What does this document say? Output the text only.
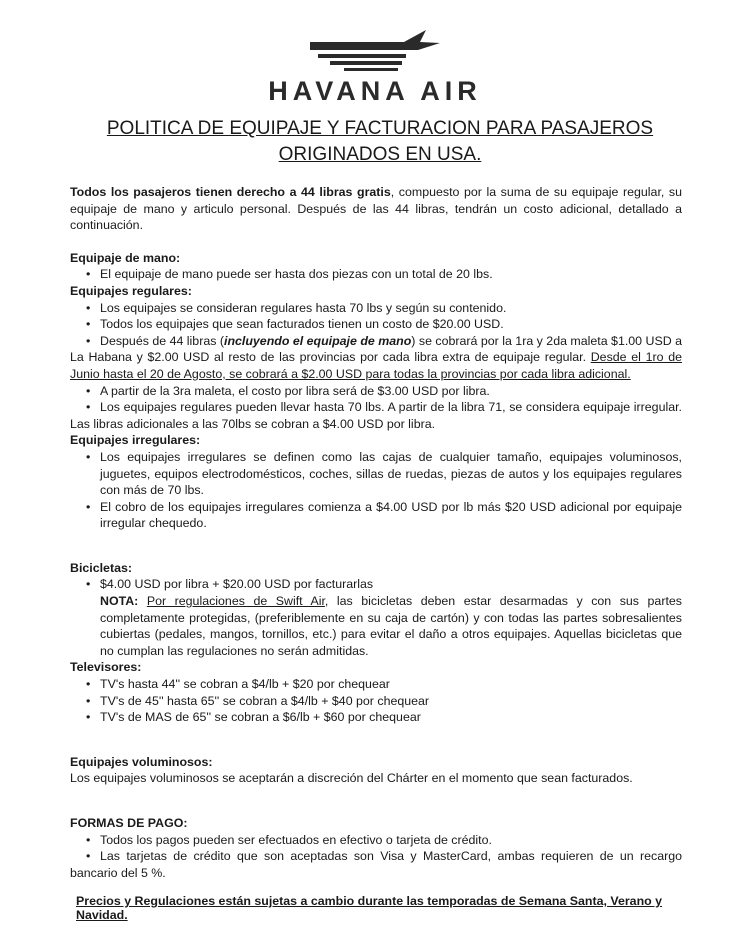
HAVANA AIR
POLITICA DE EQUIPAJE Y FACTURACION PARA PASAJEROS
ORIGINADOS EN USA.

Todos los pasajeros tienen derecho a 44 libras gratis, compuesto por la suma de su equipaje regular, su equipaje de mano y articulo personal. Después de las 44 libras, tendrán un costo adicional, detallado a continuación.

Equipaje de mano:

• El equipaje de mano puede ser hasta dos piezas con un total de 20 lbs.

Equipajes regulares:

• Los equipajes se consideran regulares hasta 70 lbs y según su contenido.
• Todos los equipajes que sean facturados tienen un costo de $20.00 USD.
• Después de 44 libras (incluyendo el equipaje de mano) se cobrará por la 1ra y 2da maleta $1.00 USD a La Habana y $2.00 USD al resto de las provincias por cada libra extra de equipaje regular. Desde el 1ro de Junio hasta el 20 de Agosto, se cobrará a $2.00 USD para todas la provincias por cada libra adicional.
• A partir de la 3ra maleta, el costo por libra será de $3.00 USD por libra.
• Los equipajes regulares pueden llevar hasta 70 lbs. A partir de la libra 71, se considera equipaje irregular. Las libras adicionales a las 70lbs se cobran a $4.00 USD por libra.

Equipajes irregulares:

• Los equipajes irregulares se definen como las cajas de cualquier tamaño, equipajes voluminosos, juguetes, equipos electrodomésticos, coches, sillas de ruedas, piezas de autos y los equipajes regulares con más de 70 lbs.
• El cobro de los equipajes irregulares comienza a $4.00 USD por lb más $20 USD adicional por equipaje irregular chequedo.

Bicicletas:

• $4.00 USD por libra + $20.00 USD por facturarlas

NOTA: Por regulaciones de Swift Air, las bicicletas deben estar desarmadas y con sus partes completamente protegidas, (preferiblemente en su caja de cartón) y con todas las partes sobresalientes cubiertas (pedales, mangos, tornillos, etc.) para evitar el daño a otros equipajes. Aquellas bicicletas que no cumplan las regulaciones no serán admitidas.

Televisores:

• TV's hasta 44'' se cobran a $4/lb + $20 por chequear
• TV's de 45'' hasta 65'' se cobran a $4/lb + $40 por chequear
• TV's de MAS de 65'' se cobran a $6/lb + $60 por chequear

Equipajes voluminosos:

Los equipajes voluminosos se aceptarán a discreción del Chárter en el momento que sean facturados.

FORMAS DE PAGO:

• Todos los pagos pueden ser efectuados en efectivo o tarjeta de crédito.
• Las tarjetas de crédito que son aceptadas son Visa y MasterCard, ambas requieren de un recargo bancario del 5 %.
Precios y Regulaciones están sujetas a cambio durante las temporadas de Semana Santa, Verano y Navidad.
